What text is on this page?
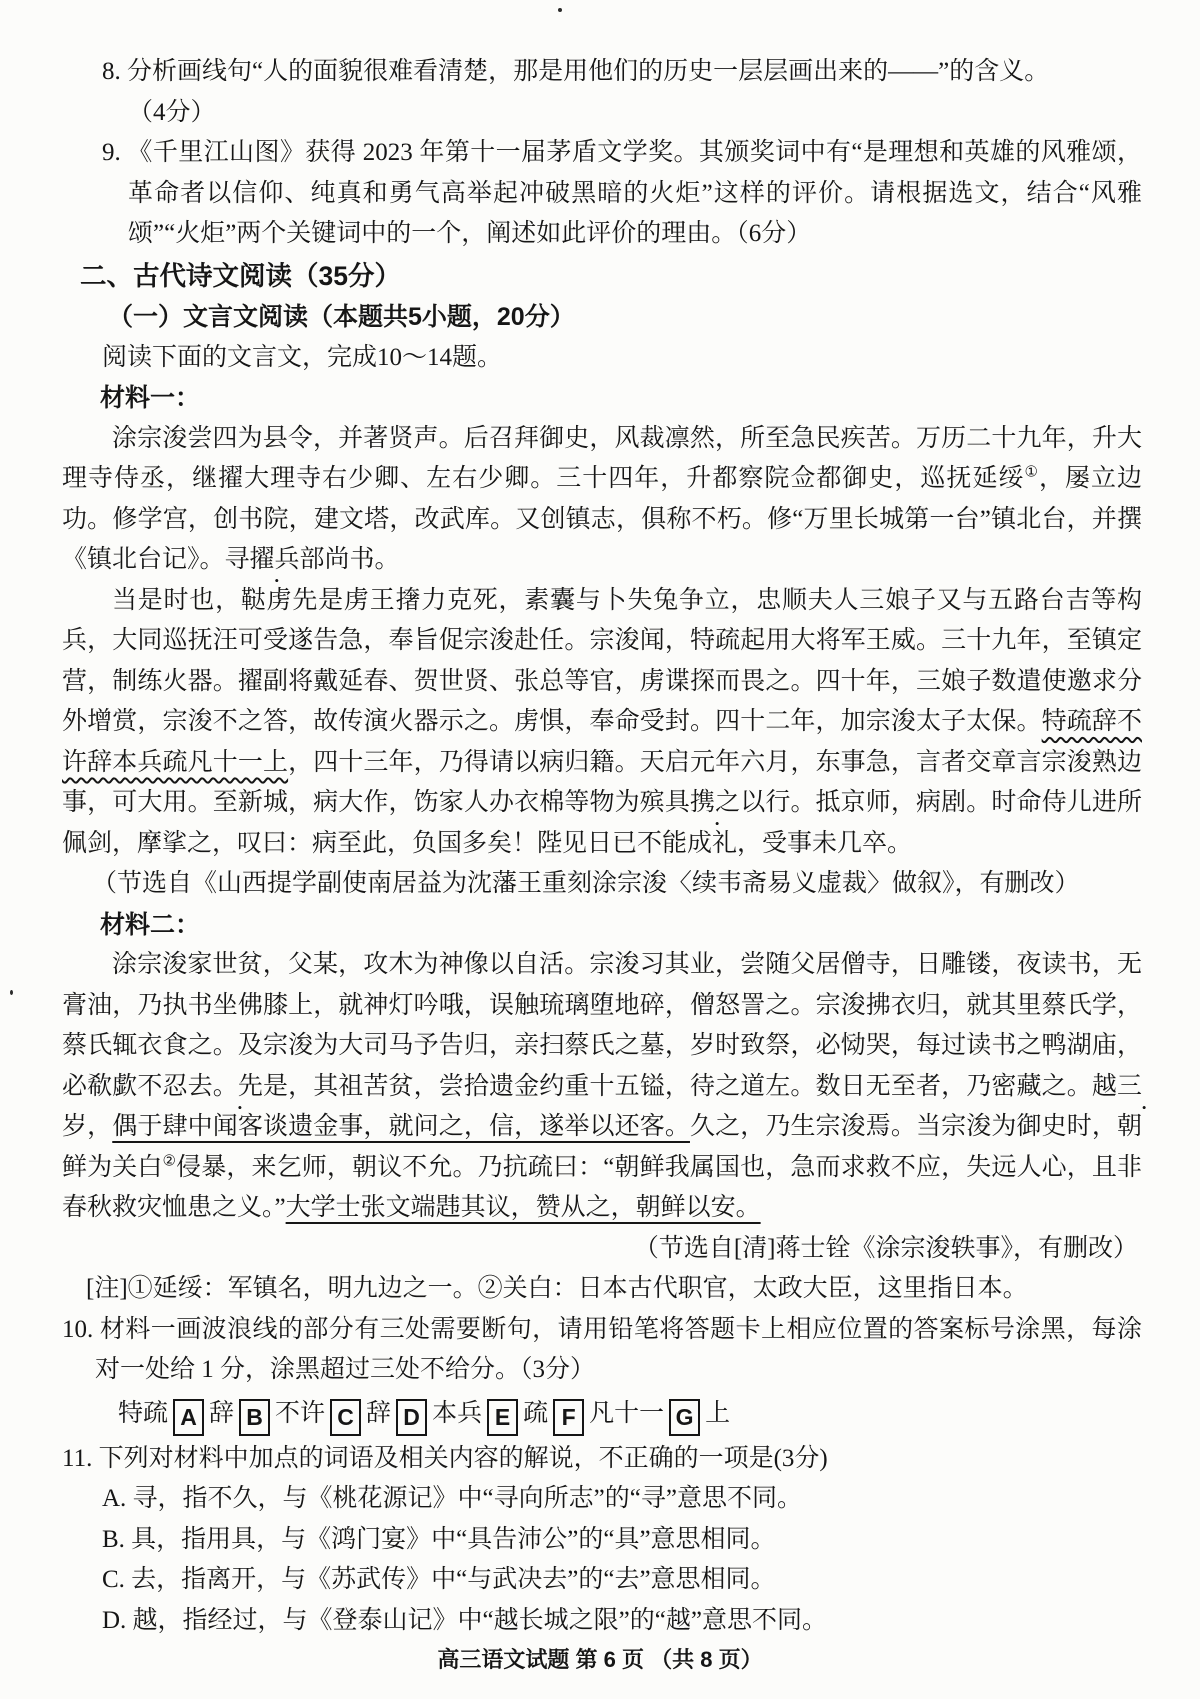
8. 分析画线句“人的面貌很难看清楚，那是用他们的历史一层层画出来的——”的含义。
（4分）
9. 《千里江山图》获得 2023 年第十一届茅盾文学奖。其颁奖词中有“是理想和英雄的风雅颂，革命者以信仰、纯真和勇气高举起冲破黑暗的火炬”这样的评价。请根据选文，结合“风雅颂”“火炬”两个关键词中的一个，阐述如此评价的理由。（6分）
二、古代诗文阅读（35分）
（一）文言文阅读（本题共5小题，20分）
阅读下面的文言文，完成10～14题。
材料一：
涂宗浚尝四为县令，并著贤声。后召拜御史，风裁凛然，所至急民疾苦。万历二十九年，升大理寺侍丞，继擢大理寺右少卿、左右少卿。三十四年，升都察院佥都御史，巡抚延绥①，屡立边功。修学宫，创书院，建文塔，改武库。又创镇志，俱称不朽。修“万里长城第一台”镇北台，并撰《镇北台记》。寻擢兵部尚书。
当是时也，鞑虏先是虏王撦力克死，素囊与卜失兔争立，忠顺夫人三娘子又与五路台吉等构兵，大同巡抚汪可受遂告急，奉旨促宗浚赴任。宗浚闻，特疏起用大将军王威。三十九年，至镇定营，制练火器。擢副将戴延春、贺世贤、张总等官，虏谍探而畏之。四十年，三娘子数遣使邀求分外增赏，宗浚不之答，故传演火器示之。虏惧，奉命受封。四十二年，加宗浚太子太保。特疏辞不许辞本兵疏凡十一上，四十三年，乃得请以病归籍。天启元年六月，东事急，言者交章言宗浚熟边事，可大用。至新城，病大作，饬家人办衣棉等物为殡具携之以行。抵京师，病剧。时命侍儿进所佩剑，摩挲之，叹曰：病至此，负国多矣！陛见日已不能成礼，受事未几卒。
（节选自《山西提学副使南居益为沈藩王重刻涂宗浚〈续韦斋易义虚裁〉做叙》，有删改）
材料二：
涂宗浚家世贫，父某，攻木为神像以自活。宗浚习其业，尝随父居僧寺，日雕镂，夜读书，无膏油，乃执书坐佛膝上，就神灯吟哦，误触琉璃堕地碎，僧怒詈之。宗浚拂衣归，就其里蔡氏学，蔡氏辄衣食之。及宗浚为大司马予告归，亲扫蔡氏之墓，岁时致祭，必恸哭，每过读书之鸭湖庙，必欷歔不忍去。先是，其祖苦贫，尝拾遗金约重十五镒，待之道左。数日无至者，乃密藏之。越三岁，偶于肆中闻客谈遗金事，就问之，信，遂举以还客。久之，乃生宗浚焉。当宗浚为御史时，朝鲜为关白②侵暴，来乞师，朝议不允。乃抗疏曰：“朝鲜我属国也，急而求救不应，失远人心，且非春秋救灾恤患之义。”大学士张文端韪其议，赞从之，朝鲜以安。
（节选自[清]蒋士铨《涂宗浚轶事》，有删改）
[注]①延绥：军镇名，明九边之一。②关白：日本古代职官，太政大臣，这里指日本。
10. 材料一画波浪线的部分有三处需要断句，请用铅笔将答题卡上相应位置的答案标号涂黑，每涂对一处给 1 分，涂黑超过三处不给分。（3分）
特疏 A 辞 B 不许 C 辞 D 本兵 E 疏 F 凡十一 G 上
11. 下列对材料中加点的词语及相关内容的解说，不正确的一项是(3分)
A. 寻，指不久，与《桃花源记》中“寻向所志”的“寻”意思不同。
B. 具，指用具，与《鸿门宴》中“具告沛公”的“具”意思相同。
C. 去，指离开，与《苏武传》中“与武决去”的“去”意思相同。
D. 越，指经过，与《登泰山记》中“越长城之限”的“越”意思不同。
高三语文试题 第 6 页 （共 8 页）
